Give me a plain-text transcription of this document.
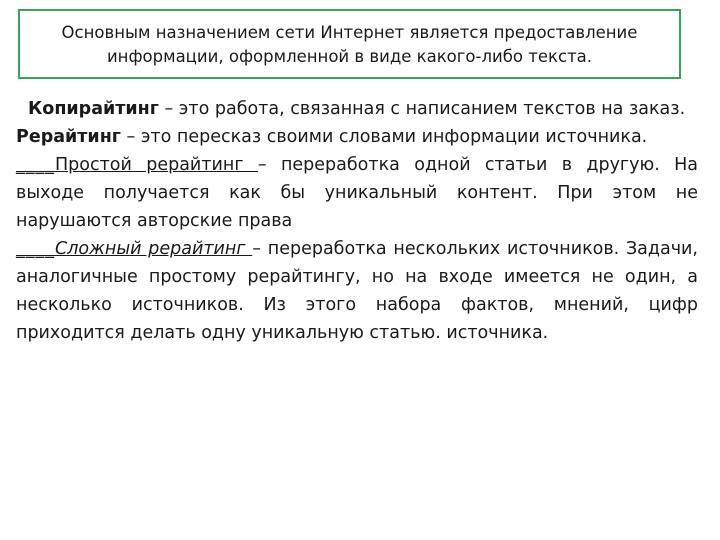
Основным назначением сети Интернет является предоставление
информации, оформленной в виде какого-либо текста.

Копирайтинг – это работа, связанная с написанием текстов на заказ.

Рерайтинг – это пересказ своими словами информации источника.

____Простой рерайтинг – переработка одной статьи в другую. На выходе получается как бы уникальный контент. При этом не нарушаются авторские права

____Сложный рерайтинг – переработка нескольких источников. Задачи, аналогичные простому рерайтингу, но на входе имеется не один, а несколько источников. Из этого набора фактов, мнений, цифр приходится делать одну уникальную статью. источника.
